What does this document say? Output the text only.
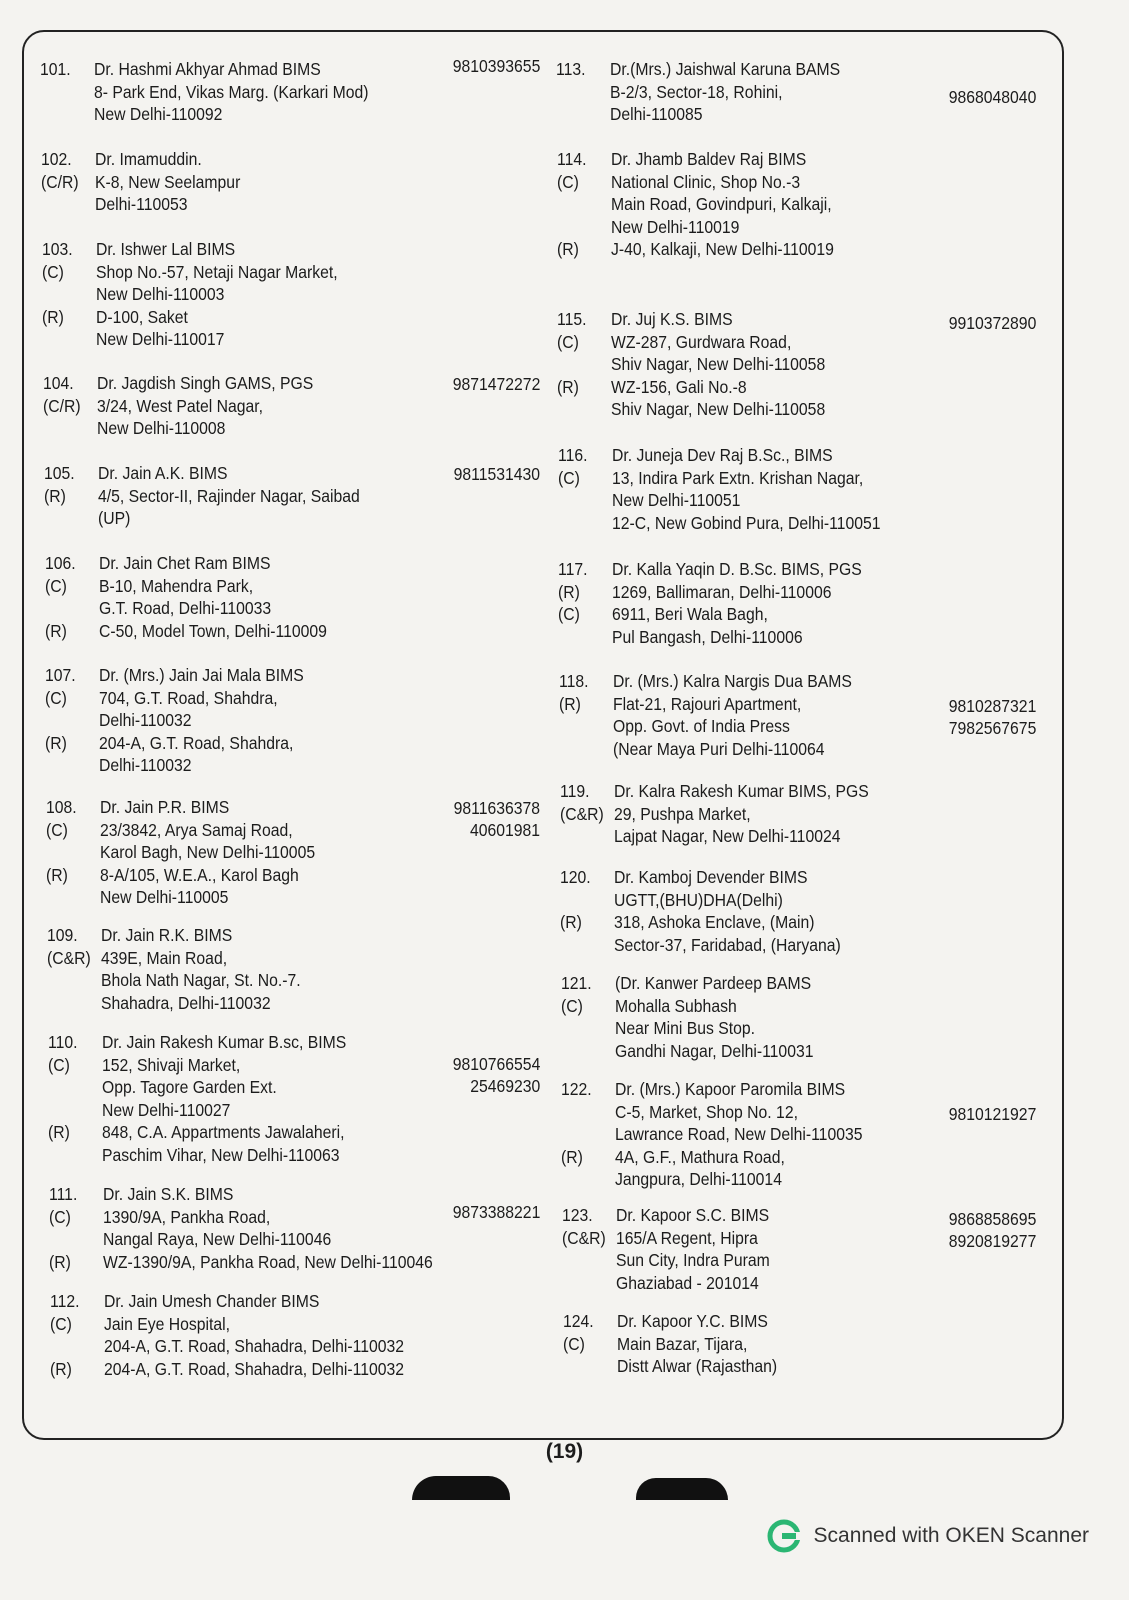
101.	Dr. Hashmi Akhyar Ahmad BIMS
8- Park End, Vikas Marg. (Karkari Mod)
New Delhi-110092
9810393655
102.	Dr. Imamuddin.
(C/R) K-8, New Seelampur
Delhi-110053
103.	Dr. Ishwer Lal BIMS
(C)	Shop No.-57, Netaji Nagar Market,
New Delhi-110003
(R)	D-100, Saket
New Delhi-110017
104.	Dr. Jagdish Singh GAMS, PGS
(C/R) 3/24, West Patel Nagar,
New Delhi-110008
9871472272
105.	Dr. Jain A.K. BIMS
(R)	4/5, Sector-II, Rajinder Nagar, Saibad
(UP)
9811531430
106.	Dr. Jain Chet Ram BIMS
(C)	B-10, Mahendra Park,
G.T. Road, Delhi-110033
(R)	C-50, Model Town, Delhi-110009
107.	Dr. (Mrs.) Jain Jai Mala BIMS
(C)	704, G.T. Road, Shahdra,
Delhi-110032
(R)	204-A, G.T. Road, Shahdra,
Delhi-110032
108.	Dr. Jain P.R. BIMS
(C)	23/3842, Arya Samaj Road,
Karol Bagh, New Delhi-110005
(R)	8-A/105, W.E.A., Karol Bagh
New Delhi-110005
9811636378
40601981
109.	Dr. Jain R.K. BIMS
(C&R) 439E, Main Road,
Bhola Nath Nagar, St. No.-7.
Shahadra, Delhi-110032
110.	Dr. Jain Rakesh Kumar B.sc, BIMS
(C)	152, Shivaji Market,
Opp. Tagore Garden Ext.
New Delhi-110027
(R)	848, C.A. Appartments Jawalaheri,
Paschim Vihar, New Delhi-110063
9810766554
25469230
111.	Dr. Jain S.K. BIMS
(C)	1390/9A, Pankha Road,
Nangal Raya, New Delhi-110046
(R)	WZ-1390/9A, Pankha Road, New Delhi-110046
9873388221
112.	Dr. Jain Umesh Chander BIMS
(C)	Jain Eye Hospital,
204-A, G.T. Road, Shahadra, Delhi-110032
(R)	204-A, G.T. Road, Shahadra, Delhi-110032
113.	Dr.(Mrs.) Jaishwal Karuna BAMS
B-2/3, Sector-18, Rohini,
Delhi-110085
9868048040
114.	Dr. Jhamb Baldev Raj BIMS
(C)	National Clinic, Shop No.-3
Main Road, Govindpuri, Kalkaji,
New Delhi-110019
(R)	J-40, Kalkaji, New Delhi-110019
115.	Dr. Juj K.S. BIMS
(C)	WZ-287, Gurdwara Road,
Shiv Nagar, New Delhi-110058
(R)	WZ-156, Gali No.-8
Shiv Nagar, New Delhi-110058
9910372890
116.	Dr. Juneja Dev Raj B.Sc., BIMS
(C)	13, Indira Park Extn. Krishan Nagar,
New Delhi-110051
12-C, New Gobind Pura, Delhi-110051
117.	Dr. Kalla Yaqin D. B.Sc. BIMS, PGS
(R)	1269, Ballimaran, Delhi-110006
(C)	6911, Beri Wala Bagh,
Pul Bangash, Delhi-110006
118.	Dr. (Mrs.) Kalra Nargis Dua BAMS
(R)	Flat-21, Rajouri Apartment,
Opp. Govt. of India Press
(Near Maya Puri Delhi-110064
9810287321
7982567675
119.	Dr. Kalra Rakesh Kumar BIMS, PGS
(C&R) 29, Pushpa Market,
Lajpat Nagar, New Delhi-110024
120.	Dr. Kamboj Devender BIMS
UGTT,(BHU)DHA(Delhi)
(R)	318, Ashoka Enclave, (Main)
Sector-37, Faridabad, (Haryana)
121.	(Dr. Kanwer Pardeep BAMS
(C)	Mohalla Subhash
Near Mini Bus Stop.
Gandhi Nagar, Delhi-110031
122.	Dr. (Mrs.) Kapoor Paromila BIMS
C-5, Market, Shop No. 12,
Lawrance Road, New Delhi-110035
(R)	4A, G.F., Mathura Road,
Jangpura, Delhi-110014
9810121927
123.	Dr. Kapoor S.C. BIMS
(C&R) 165/A Regent, Hipra
Sun City, Indra Puram
Ghaziabad - 201014
9868858695
8920819277
124.	Dr. Kapoor Y.C. BIMS
(C)	Main Bazar, Tijara,
Distt Alwar (Rajasthan)
(19)
Scanned with OKEN Scanner
